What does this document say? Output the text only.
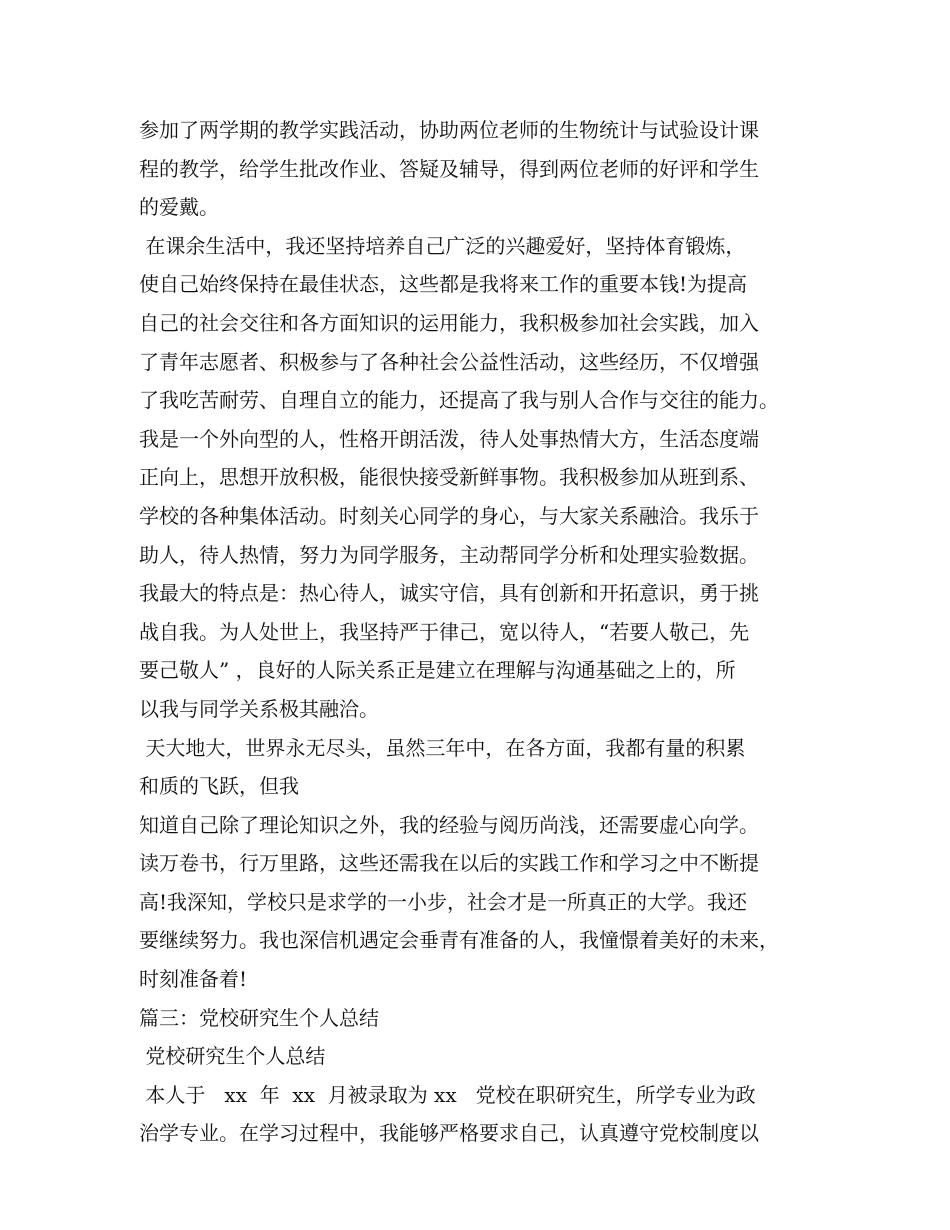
参加了两学期的教学实践活动，协助两位老师的生物统计与试验设计课
程的教学，给学生批改作业、答疑及辅导，得到两位老师的好评和学生
的爱戴。
在课余生活中，我还坚持培养自己广泛的兴趣爱好，坚持体育锻炼，
使自己始终保持在最佳状态，这些都是我将来工作的重要本钱!为提高
自己的社会交往和各方面知识的运用能力，我积极参加社会实践，加入
了青年志愿者、积极参与了各种社会公益性活动，这些经历，不仅增强
了我吃苦耐劳、自理自立的能力，还提高了我与别人合作与交往的能力。
我是一个外向型的人，性格开朗活泼，待人处事热情大方，生活态度端
正向上，思想开放积极，能很快接受新鲜事物。我积极参加从班到系、
学校的各种集体活动。时刻关心同学的身心，与大家关系融洽。我乐于
助人，待人热情，努力为同学服务，主动帮同学分析和处理实验数据。
我最大的特点是：热心待人，诚实守信，具有创新和开拓意识，勇于挑
战自我。为人处世上，我坚持严于律己，宽以待人，“若要人敬己，先
要己敬人” ，良好的人际关系正是建立在理解与沟通基础之上的，所
以我与同学关系极其融洽。
天大地大，世界永无尽头，虽然三年中，在各方面，我都有量的积累
和质的飞跃，但我
知道自己除了理论知识之外，我的经验与阅历尚浅，还需要虚心向学。
读万卷书，行万里路，这些还需我在以后的实践工作和学习之中不断提
高!我深知，学校只是求学的一小步，社会才是一所真正的大学。我还
要继续努力。我也深信机遇定会垂青有准备的人，我憧憬着美好的未来，
时刻准备着!
篇三：党校研究生个人总结
党校研究生个人总结
本人于   xx  年  xx  月被录取为 xx   党校在职研究生，所学专业为政
治学专业。在学习过程中，我能够严格要求自己，认真遵守党校制度以
